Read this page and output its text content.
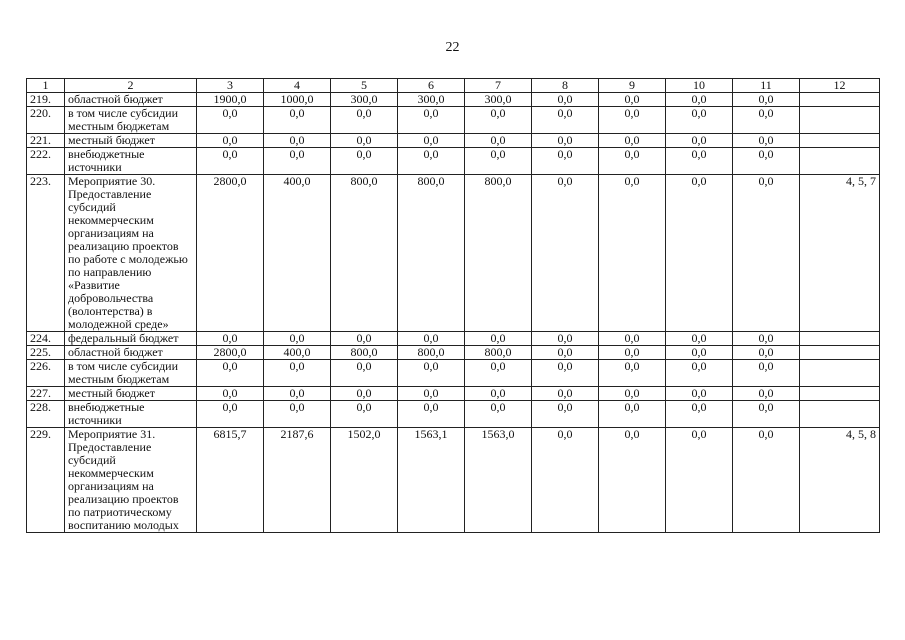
22
1	2	3	4	5	6	7	8	9	10	11	12
219.	областной бюджет	1900,0	1000,0	300,0	300,0	300,0	0,0	0,0	0,0	0,0	
220.	в том числе субсидии местным бюджетам	0,0	0,0	0,0	0,0	0,0	0,0	0,0	0,0	0,0	
221.	местный бюджет	0,0	0,0	0,0	0,0	0,0	0,0	0,0	0,0	0,0	
222.	внебюджетные источники	0,0	0,0	0,0	0,0	0,0	0,0	0,0	0,0	0,0	
223.	Мероприятие 30. Предоставление субсидий некоммерческим организациям на реализацию проектов по работе с молодежью по направлению «Развитие добровольчества (волонтерства) в молодежной среде»	2800,0	400,0	800,0	800,0	800,0	0,0	0,0	0,0	0,0	4, 5, 7
224.	федеральный бюджет	0,0	0,0	0,0	0,0	0,0	0,0	0,0	0,0	0,0	
225.	областной бюджет	2800,0	400,0	800,0	800,0	800,0	0,0	0,0	0,0	0,0	
226.	в том числе субсидии местным бюджетам	0,0	0,0	0,0	0,0	0,0	0,0	0,0	0,0	0,0	
227.	местный бюджет	0,0	0,0	0,0	0,0	0,0	0,0	0,0	0,0	0,0	
228.	внебюджетные источники	0,0	0,0	0,0	0,0	0,0	0,0	0,0	0,0	0,0	
229.	Мероприятие 31. Предоставление субсидий некоммерческим организациям на реализацию проектов по патриотическому воспитанию молодых	6815,7	2187,6	1502,0	1563,1	1563,0	0,0	0,0	0,0	0,0	4, 5, 8
